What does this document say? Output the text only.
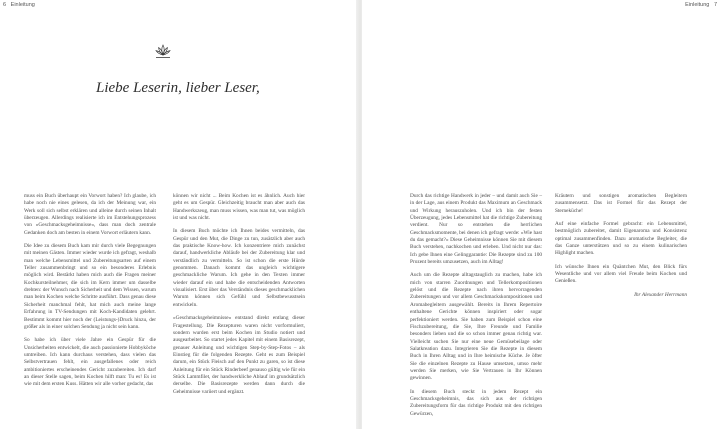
6 Einleitung
Liebe Leserin, lieber Leser,

muss ein Buch überhaupt ein Vorwort haben? Ich glaube, ich habe noch nie eines gelesen, da ich der Meinung war, ein Werk soll sich selbst erklären und alleine durch seinen Inhalt überzeugen. Allerdings realisierte ich im Entstehungsprozess von »Geschmacksgeheimnisse«, dass man doch zentrale Gedanken doch am besten in einem Vorwort erläutern kann.

Die Idee zu diesem Buch kam mir durch viele Begegnungen mit meinen Gästen. Immer wieder wurde ich gefragt, weshalb man welche Lebensmittel und Zubereitungsarten auf einem Teller zusammenbringt und so ein besonderes Erlebnis möglich wird. Bestärkt haben mich auch die Fragen meiner Kochkursteilnehmer, die sich im Kern immer um dasselbe drehten: der Wunsch nach Sicherheit und dem Wissen, warum man beim Kochen welche Schritte ausführt. Dass genau diese Sicherheit manchmal fehlt, hat mich auch meine lange Erfahrung in TV-Sendungen mit Koch-Kandidaten gelehrt. Bestimmt kommt hier noch der (Leistungs-)Druck hinzu, der größer als in einer solchen Sendung ja nicht sein kann.

So habe ich über viele Jahre ein Gespür für die Unsicherheiten entwickelt, die auch passionierte Hobbyköche umtreiben. Ich kann durchaus verstehen, dass vielen das Selbstvertrauen fehlt, ein ausgefallenes oder reich ambitioniertes erscheinendes Gericht zuzubereiten. Ich darf an dieser Stelle sagen, beim Kochen hilft man: Tu es! Es ist wie mit dem ersten Kuss. Hätten wir alle vorher gedacht, das

können wir nicht ... Beim Kochen ist es ähnlich. Auch hier geht es um Gespür. Gleichzeitig braucht man aber auch das Handwerkszeug, man muss wissen, was man tut, was möglich ist und was nicht.

In diesem Buch möchte ich Ihnen beides vermitteln, das Gespür und den Mut, die Dinge zu tun, zusätzlich aber auch das praktische Know-how. Ich konzentriere mich zunächst darauf, handwerkliche Abläufe bei der Zubereitung klar und verständlich zu vermitteln. So ist schon die erste Hürde genommen. Danach kommt das ungleich wichtigere geschmackliche Warum. Ich gehe in den Texten immer wieder darauf ein und habe die entscheidenden Antworten visualisiert. Erst über das Verständnis dieses geschmacklichen Warum können sich Gefühl und Selbstbewusstsein entwickeln.

»Geschmacksgeheimnisse« entstand direkt entlang dieser Fragestellung. Die Rezepturen waren nicht vorformuliert, sondern wurden erst beim Kochen im Studio notiert und ausgearbeitet. So startet jedes Kapitel mit einem Basisrezept, genauer Anleitung und wichtigen Step-by-Step-Fotos – als Einstieg für die folgenden Rezepte. Geht es zum Beispiel darum, ein Stück Fleisch auf den Punkt zu garen, so ist diese Anleitung für ein Stück Rinderbeef genauso gültig wie für ein Stück Lammfilet, der handwerkliche Ablauf im grundsätzlich derselbe. Die Basisrezepte werden dann durch die Geheimnisse variiert und ergänzt.

Einleitung 7

Durch das richtige Handwerk in jeder – und damit auch Sie – in der Lage, aus einem Produkt das Maximum an Geschmack und Wirkung herauszuholen. Und ich bin der festen Überzeugung, jedes Lebensmittel hat die richtige Zubereitung verdient. Nur so entstehen die herrlichen Geschmacksmomente, bei denen ich gefragt werde: »Wie hast du das gemacht?« Diese Geheimnisse können Sie mit diesem Buch verstehen, nachkochen und erleben. Und nicht nur das: Ich gebe Ihnen eine Gelinggarantie: Die Rezepte sind zu 100 Prozent bereits umzusetzen, auch im Alltag!

Auch um die Rezepte alltagstauglich zu machen, habe ich mich von starren Zuordnungen und Tellerkompositionen gelöst und die Rezepte nach ihren hervorragenden Zubereitungen und vor allem Geschmackskompositionen und Aromabegleitern ausgewählt. Bereits in Ihrem Repertoire enthaltene Gerichte können inspiriert oder sogar perfektioniert werden. Sie haben zum Beispiel schon eine Fischzubereitung, die Sie, Ihre Freunde und Familie besonders lieben und die so schon immer genau richtig war. Vielleicht suchen Sie nur eine neue Gemüsebeilage oder Salatkreation dazu. Integrieren Sie die Rezepte in diesem Buch in Ihren Alltag und in Ihre heimische Küche. Je öfter Sie die einzelnen Rezepte zu Hause umsetzen, umso mehr werden Sie merken, wie Sie Vertrauen in Ihr Können gewinnen.

In diesem Buch steckt in jedem Rezept ein Geschmacksgeheimnis, das sich aus der richtigen Zubereitungsform für das richtige Produkt mit den richtigen Gewürzen,

Kräutern und sonstigen aromatischen Begleitern zusammensetzt. Das ist Formel für das Rezept der Sterneküche!

Auf eine einfache Formel gebracht: ein Lebensmittel, bestmöglich zubereitet, damit Eigenaroma und Konsistenz optimal zusammenfinden. Dazu aromatische Begleiter, die das Ganze unterstützen und so zu einem kulinarischen Highlight machen.

Ich wünsche Ihnen ein Quäntchen Mut, den Blick fürs Wesentliche und vor allem viel Freude beim Kochen und Genießen.

Ihr Alexander Herrmann
